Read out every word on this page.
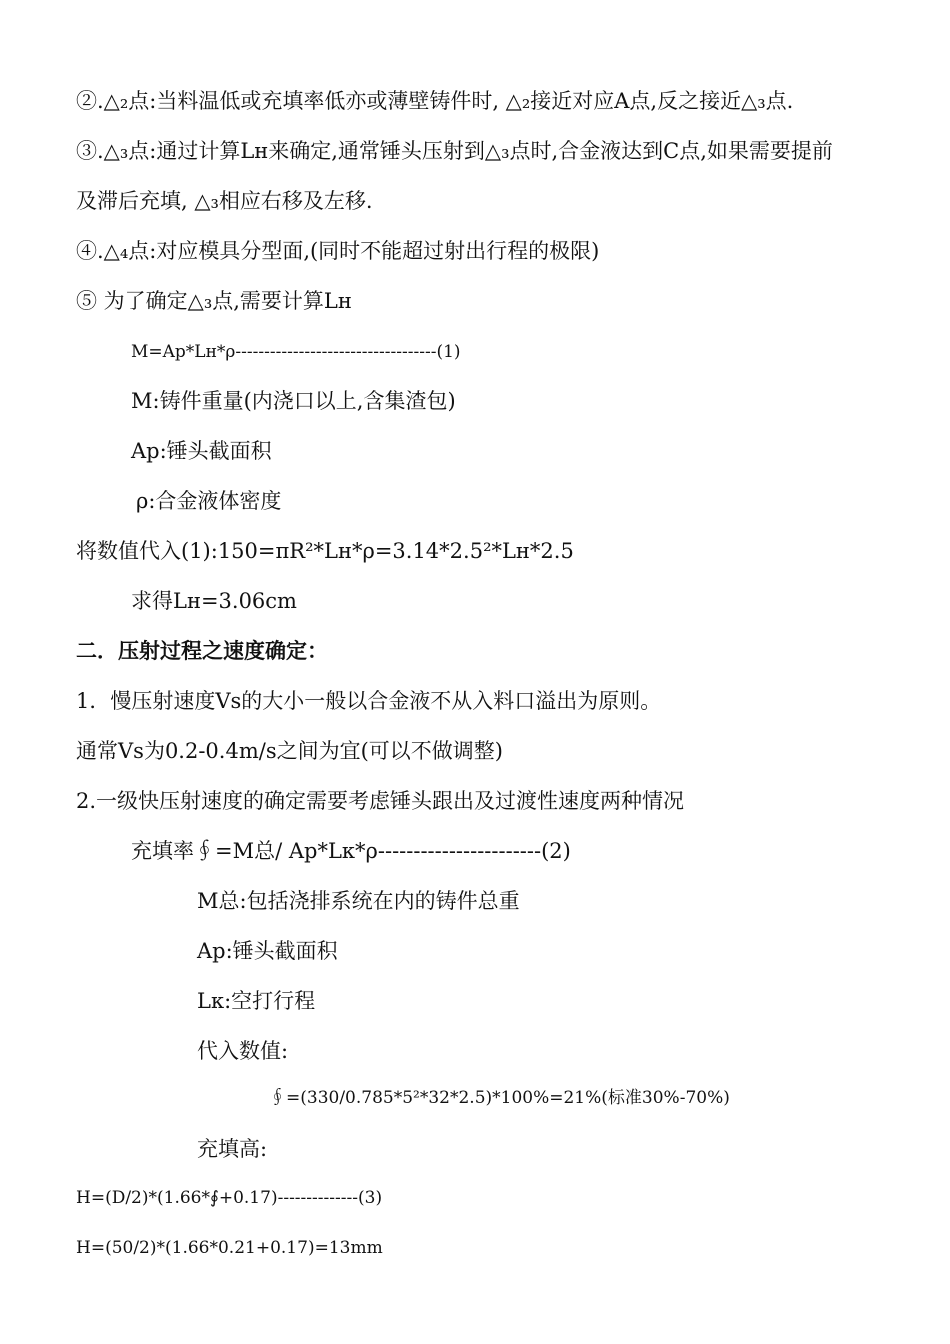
②.△₂点:当料温低或充填率低亦或薄壁铸件时, △₂接近对应A点,反之接近△₃点.
③.△₃点:通过计算Lн来确定,通常锤头压射到△₃点时,合金液达到C点,如果需要提前
及滞后充填, △₃相应右移及左移.
④.△₄点:对应模具分型面,(同时不能超过射出行程的极限)
⑤ 为了确定△₃点,需要计算Lн
M=Ap*Lн*ρ-----------------------------------(1)
M:铸件重量(内浇口以上,含集渣包)
Ap:锤头截面积
ρ:合金液体密度
将数值代入(1):150=πR²*Lн*ρ=3.14*2.5²*Lн*2.5
求得Lн=3.06cm
二．压射过程之速度确定：
1．慢压射速度Vs的大小一般以合金液不从入料口溢出为原则。
通常Vs为0.2-0.4m/s之间为宜(可以不做调整)
2.一级快压射速度的确定需要考虑锤头跟出及过渡性速度两种情况
充填率∮=M总/ Ap*Lκ*ρ-----------------------(2)
M总:包括浇排系统在内的铸件总重
Ap:锤头截面积
Lκ:空打行程
代入数值:
∮=(330/0.785*5²*32*2.5)*100%=21%(标准30%-70%)
充填高:
H=(D/2)*(1.66*∮+0.17)--------------(3)
H=(50/2)*(1.66*0.21+0.17)=13mm
